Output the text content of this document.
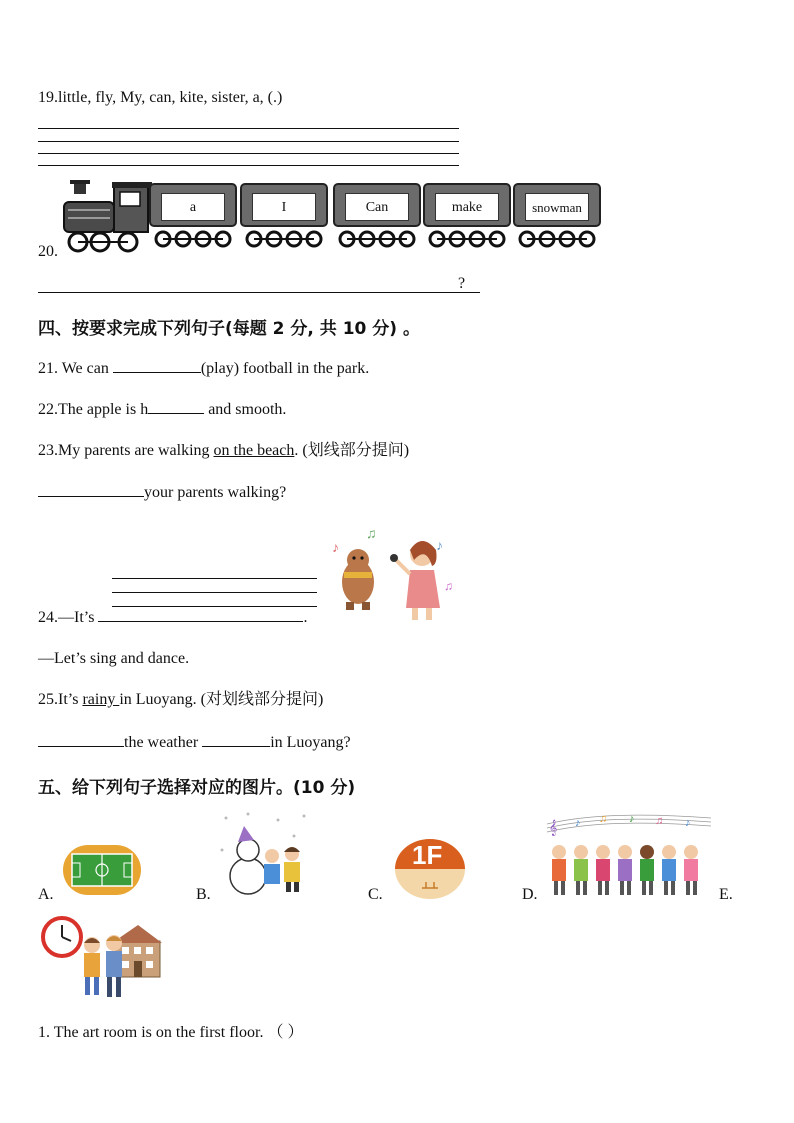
19.little, fly, My, can, kite, sister, a, (.)
20.
a	I	Can	make	snowman
?
四、按要求完成下列句子(每题 2 分, 共 10 分) 。
21. We can	(play) football in the park.
22.The apple is h	and smooth.
23.My parents are walking on the beach. (划线部分提问)
your parents walking?
24.—It’s	.
♪
♫
♪
♫
—Let’s sing and dance.
25.It’s rainy in Luoyang. (对划线部分提问)
the weather	in Luoyang?
五、给下列句子选择对应的图片。(10 分)
A.	B.	C.
1F
D.
𝄞 ♪ ♫ ♪ ♫ ♪
E.
1. The art room is on the first floor. （ ）
